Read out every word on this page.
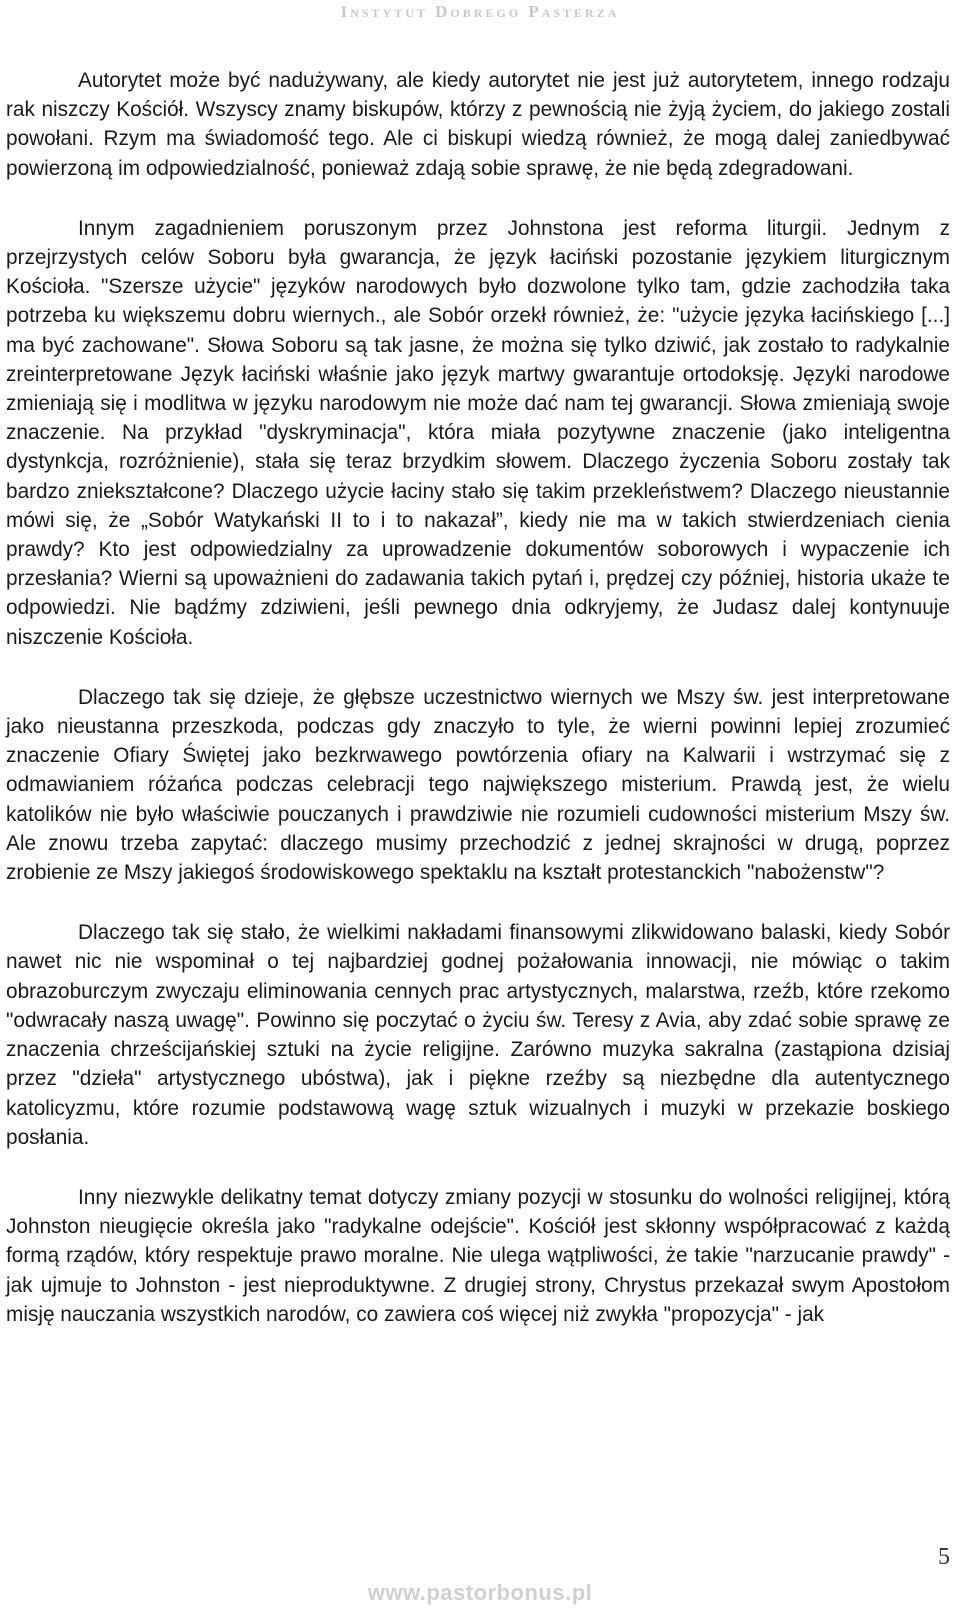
Instytut Dobrego Pasterza

Autorytet może być nadużywany, ale kiedy autorytet nie jest już autorytetem, innego rodzaju rak niszczy Kościół. Wszyscy znamy biskupów, którzy z pewnością nie żyją życiem, do jakiego zostali powołani. Rzym ma świadomość tego. Ale ci biskupi wiedzą również, że mogą dalej zaniedbywać powierzoną im odpowiedzialność, ponieważ zdają sobie sprawę, że nie będą zdegradowani.

Innym zagadnieniem poruszonym przez Johnstona jest reforma liturgii. Jednym z przejrzystych celów Soboru była gwarancja, że język łaciński pozostanie językiem liturgicznym Kościoła. "Szersze użycie" języków narodowych było dozwolone tylko tam, gdzie zachodziła taka potrzeba ku większemu dobru wiernych., ale Sobór orzekł również, że: "użycie języka łacińskiego [...] ma być zachowane". Słowa Soboru są tak jasne, że można się tylko dziwić, jak zostało to radykalnie zreinterpretowane Język łaciński właśnie jako język martwy gwarantuje ortodoksję. Języki narodowe zmieniają się i modlitwa w języku narodowym nie może dać nam tej gwarancji. Słowa zmieniają swoje znaczenie. Na przykład "dyskryminacja", która miała pozytywne znaczenie (jako inteligentna dystynkcja, rozróżnienie), stała się teraz brzydkim słowem. Dlaczego życzenia Soboru zostały tak bardzo zniekształcone? Dlaczego użycie łaciny stało się takim przekleństwem? Dlaczego nieustannie mówi się, że „Sobór Watykański II to i to nakazał”, kiedy nie ma w takich stwierdzeniach cienia prawdy? Kto jest odpowiedzialny za uprowadzenie dokumentów soborowych i wypaczenie ich przesłania? Wierni są upoważnieni do zadawania takich pytań i, prędzej czy później, historia ukaże te odpowiedzi. Nie bądźmy zdziwieni, jeśli pewnego dnia odkryjemy, że Judasz dalej kontynuuje niszczenie Kościoła.

Dlaczego tak się dzieje, że głębsze uczestnictwo wiernych we Mszy św. jest interpretowane jako nieustanna przeszkoda, podczas gdy znaczyło to tyle, że wierni powinni lepiej zrozumieć znaczenie Ofiary Świętej jako bezkrwawego powtórzenia ofiary na Kalwarii i wstrzymać się z odmawianiem różańca podczas celebracji tego największego misterium. Prawdą jest, że wielu katolików nie było właściwie pouczanych i prawdziwie nie rozumieli cudowności misterium Mszy św. Ale znowu trzeba zapytać: dlaczego musimy przechodzić z jednej skrajności w drugą, poprzez zrobienie ze Mszy jakiegoś środowiskowego spektaklu na kształt protestanckich "nabożenstw"?

Dlaczego tak się stało, że wielkimi nakładami finansowymi zlikwidowano balaski, kiedy Sobór nawet nic nie wspominał o tej najbardziej godnej pożałowania innowacji, nie mówiąc o takim obrazoburczym zwyczaju eliminowania cennych prac artystycznych, malarstwa, rzeźb, które rzekomo "odwracały naszą uwagę". Powinno się poczytać o życiu św. Teresy z Avia, aby zdać sobie sprawę ze znaczenia chrześcijańskiej sztuki na życie religijne. Zarówno muzyka sakralna (zastąpiona dzisiaj przez "dzieła" artystycznego ubóstwa), jak i piękne rzeźby są niezbędne dla autentycznego katolicyzmu, które rozumie podstawową wagę sztuk wizualnych i muzyki w przekazie boskiego posłania.

Inny niezwykle delikatny temat dotyczy zmiany pozycji w stosunku do wolności religijnej, którą Johnston nieugięcie określa jako "radykalne odejście". Kościół jest skłonny współpracować z każdą formą rządów, który respektuje prawo moralne. Nie ulega wątpliwości, że takie "narzucanie prawdy" - jak ujmuje to Johnston - jest nieproduktywne. Z drugiej strony, Chrystus przekazał swym Apostołom misję nauczania wszystkich narodów, co zawiera coś więcej niż zwykła "propozycja" - jak

5
www.pastorbonus.pl
